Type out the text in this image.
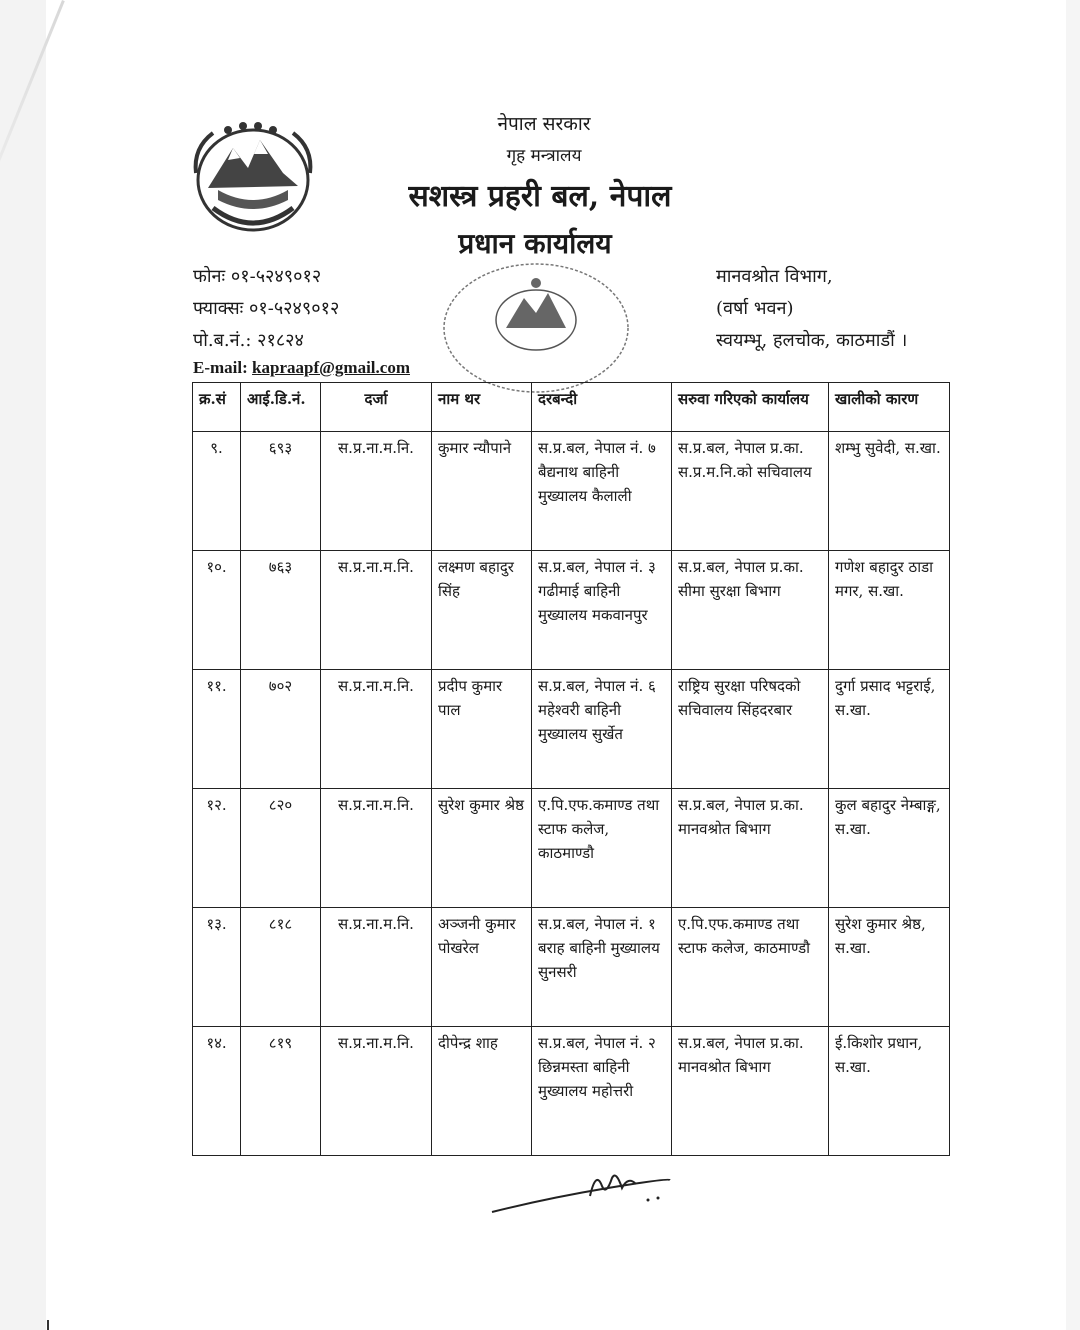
नेपाल सरकार
गृह मन्त्रालय
सशस्त्र प्रहरी बल, नेपाल
प्रधान कार्यालय
फोनः ०१-५२४९०१२
फ्याक्सः ०१-५२४९०१२
पो.ब.नं.: २१८२४
E-mail: kapraapf@gmail.com
मानवश्रोत विभाग,
(वर्षा भवन)
स्वयम्भू, हलचोक, काठमाडौं ।
क्र.सं	आई.डि.नं.	दर्जा	नाम थर	दरबन्दी	सरुवा गरिएको कार्यालय	खालीको कारण
९.	६९३	स.प्र.ना.म.नि.	कुमार न्यौपाने	स.प्र.बल, नेपाल नं. ७ बैद्यनाथ बाहिनी मुख्यालय कैलाली	स.प्र.बल, नेपाल प्र.का. स.प्र.म.नि.को सचिवालय	शम्भु सुवेदी, स.खा.
१०.	७६३	स.प्र.ना.म.नि.	लक्ष्मण बहादुर सिंह	स.प्र.बल, नेपाल नं. ३ गढीमाई बाहिनी मुख्यालय मकवानपुर	स.प्र.बल, नेपाल प्र.का. सीमा सुरक्षा बिभाग	गणेश बहादुर ठाडा मगर, स.खा.
११.	७०२	स.प्र.ना.म.नि.	प्रदीप कुमार पाल	स.प्र.बल, नेपाल नं. ६ महेश्वरी बाहिनी मुख्यालय सुर्खेत	राष्ट्रिय सुरक्षा परिषदको सचिवालय सिंहदरबार	दुर्गा प्रसाद भट्टराई, स.खा.
१२.	८२०	स.प्र.ना.म.नि.	सुरेश कुमार श्रेष्ठ	ए.पि.एफ.कमाण्ड तथा स्टाफ कलेज, काठमाण्डौ	स.प्र.बल, नेपाल प्र.का. मानवश्रोत बिभाग	कुल बहादुर नेम्बाङ्ग, स.खा.
१३.	८१८	स.प्र.ना.म.नि.	अञ्जनी कुमार पोखरेल	स.प्र.बल, नेपाल नं. १ बराह बाहिनी मुख्यालय सुनसरी	ए.पि.एफ.कमाण्ड तथा स्टाफ कलेज, काठमाण्डौ	सुरेश कुमार श्रेष्ठ, स.खा.
१४.	८१९	स.प्र.ना.म.नि.	दीपेन्द्र शाह	स.प्र.बल, नेपाल नं. २ छिन्नमस्ता बाहिनी मुख्यालय महोत्तरी	स.प्र.बल, नेपाल प्र.का. मानवश्रोत बिभाग	ई.किशोर प्रधान, स.खा.
